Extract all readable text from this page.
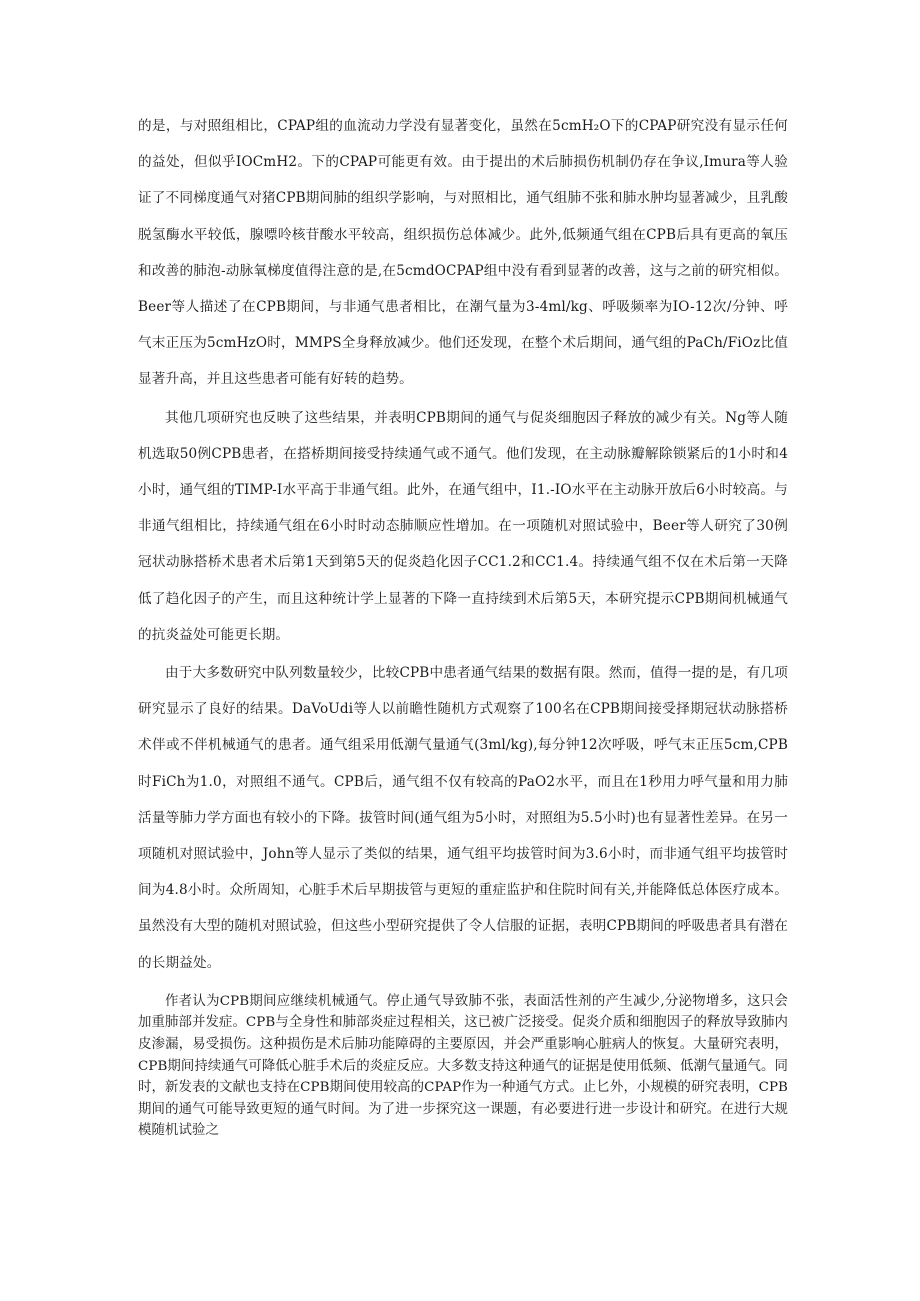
的是，与对照组相比，CPAP组的血流动力学没有显著变化，虽然在5cmH₂O下的CPAP研究没有显示任何的益处，但似乎IOCmH2。下的CPAP可能更有效。由于提出的术后肺损伤机制仍存在争议,Imura等人验证了不同梯度通气对猪CPB期间肺的组织学影响，与对照相比，通气组肺不张和肺水肿均显著减少，且乳酸脱氢酶水平较低，腺嘌呤核苷酸水平较高，组织损伤总体减少。此外,低频通气组在CPB后具有更高的氧压和改善的肺泡-动脉氧梯度值得注意的是,在5cmdOCPAP组中没有看到显著的改善，这与之前的研究相似。Beer等人描述了在CPB期间，与非通气患者相比，在潮气量为3-4ml/kg、呼吸频率为IO-12次/分钟、呼气末正压为5cmHzO时，MMPS全身释放减少。他们还发现，在整个术后期间，通气组的PaCh/FiOz比值显著升高，并且这些患者可能有好转的趋势。

其他几项研究也反映了这些结果，并表明CPB期间的通气与促炎细胞因子释放的减少有关。Ng等人随机选取50例CPB患者，在搭桥期间接受持续通气或不通气。他们发现，在主动脉瓣解除锁紧后的1小时和4小时，通气组的TIMP-I水平高于非通气组。此外，在通气组中，I1.-IO水平在主动脉开放后6小时较高。与非通气组相比，持续通气组在6小时时动态肺顺应性增加。在一项随机对照试验中，Beer等人研究了30例冠状动脉搭桥术患者术后第1天到第5天的促炎趋化因子CC1.2和CC1.4。持续通气组不仅在术后第一天降低了趋化因子的产生，而且这种统计学上显著的下降一直持续到术后第5天，本研究提示CPB期间机械通气的抗炎益处可能更长期。

由于大多数研究中队列数量较少，比较CPB中患者通气结果的数据有限。然而，值得一提的是，有几项研究显示了良好的结果。DaVoUdi等人以前瞻性随机方式观察了100名在CPB期间接受择期冠状动脉搭桥术伴或不伴机械通气的患者。通气组采用低潮气量通气(3ml∕kg),每分钟12次呼吸，呼气末正压5cm,CPB时FiCh为1.0，对照组不通气。CPB后，通气组不仅有较高的PaO2水平，而且在1秒用力呼气量和用力肺活量等肺力学方面也有较小的下降。拔管时间(通气组为5小时，对照组为5.5小时)也有显著性差异。在另一项随机对照试验中，John等人显示了类似的结果，通气组平均拔管时间为3.6小时，而非通气组平均拔管时间为4.8小时。众所周知，心脏手术后早期拔管与更短的重症监护和住院时间有关,并能降低总体医疗成本。虽然没有大型的随机对照试验，但这些小型研究提供了令人信服的证据，表明CPB期间的呼吸患者具有潜在的长期益处。

作者认为CPB期间应继续机械通气。停止通气导致肺不张，表面活性剂的产生减少,分泌物增多，这只会加重肺部并发症。CPB与全身性和肺部炎症过程相关，这已被广泛接受。促炎介质和细胞因子的释放导致肺内皮渗漏，易受损伤。这种损伤是术后肺功能障碍的主要原因，并会严重影响心脏病人的恢复。大量研究表明，CPB期间持续通气可降低心脏手术后的炎症反应。大多数支持这种通气的证据是使用低频、低潮气量通气。同时，新发表的文献也支持在CPB期间使用较高的CPAP作为一种通气方式。止匕外，小规模的研究表明，CPB期间的通气可能导致更短的通气时间。为了进一步探究这一课题，有必要进行进一步设计和研究。在进行大规模随机试验之
